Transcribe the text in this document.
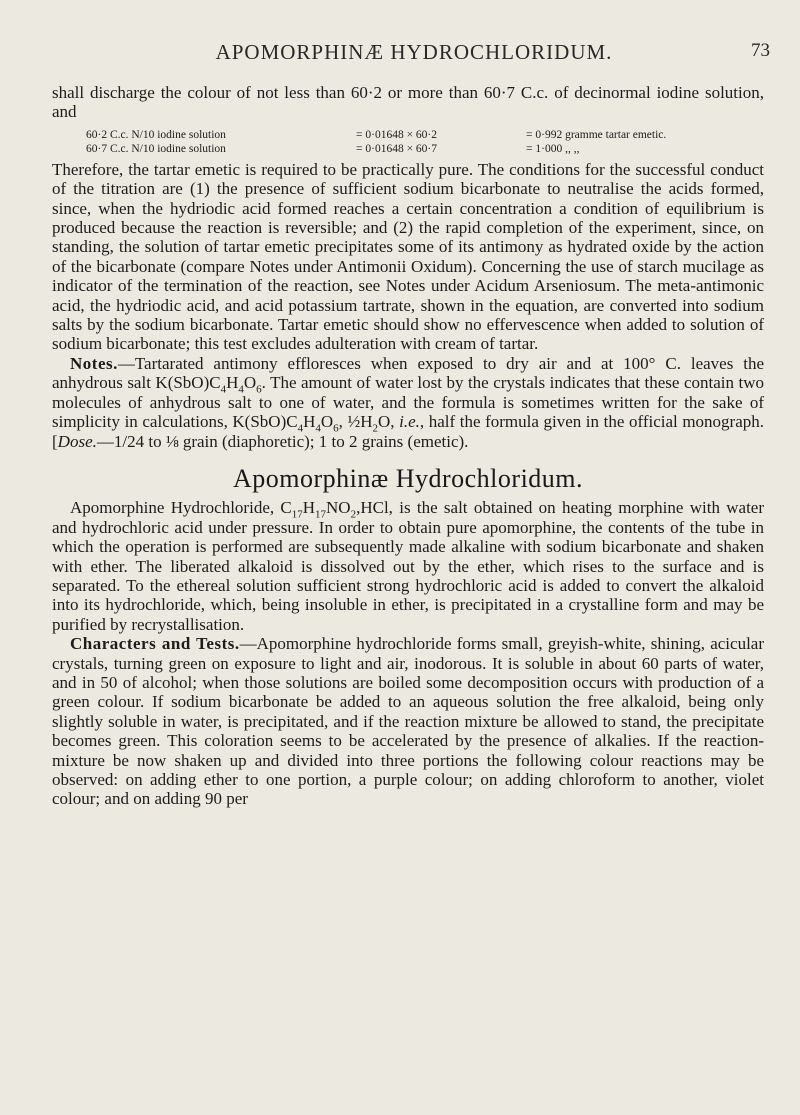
APOMORPHINÆ HYDROCHLORIDUM.	73

shall discharge the colour of not less than 60·2 or more than 60·7 C.c. of decinormal iodine solution, and

60·2 C.c. N/10 iodine solution	= 0·01648 × 60·2	= 0·992 gramme tartar emetic.
60·7 C.c. N/10 iodine solution	= 0·01648 × 60·7	= 1·000 ,, ,,

Therefore, the tartar emetic is required to be practically pure. The conditions for the successful conduct of the titration are (1) the presence of sufficient sodium bicarbonate to neutralise the acids formed, since, when the hydriodic acid formed reaches a certain concentration a condition of equilibrium is produced because the reaction is reversible; and (2) the rapid completion of the experiment, since, on standing, the solution of tartar emetic precipitates some of its antimony as hydrated oxide by the action of the bicarbonate (compare Notes under Antimonii Oxidum). Concerning the use of starch mucilage as indicator of the termination of the reaction, see Notes under Acidum Arseniosum. The meta-antimonic acid, the hydriodic acid, and acid potassium tartrate, shown in the equation, are converted into sodium salts by the sodium bicarbonate. Tartar emetic should show no effervescence when added to solution of sodium bicarbonate; this test excludes adulteration with cream of tartar.

Notes.—Tartarated antimony effloresces when exposed to dry air and at 100° C. leaves the anhydrous salt $K(SbO)C_4H_4O_6$. The amount of water lost by the crystals indicates that these contain two molecules of anhydrous salt to one of water, and the formula is sometimes written for the sake of simplicity in calculations, $K(SbO)C_4H_4O_6$, $\frac{1}{2}H_2O$, i.e., half the formula given in the official monograph. [Dose.—1/24 to ⅛ grain (diaphoretic); 1 to 2 grains (emetic).

Apomorphinæ Hydrochloridum.

Apomorphine Hydrochloride, $C_{17}H_{17}NO_2,HCl$, is the salt obtained on heating morphine with water and hydrochloric acid under pressure. In order to obtain pure apomorphine, the contents of the tube in which the operation is performed are subsequently made alkaline with sodium bicarbonate and shaken with ether. The liberated alkaloid is dissolved out by the ether, which rises to the surface and is separated. To the ethereal solution sufficient strong hydrochloric acid is added to convert the alkaloid into its hydrochloride, which, being insoluble in ether, is precipitated in a crystalline form and may be purified by recrystallisation.

Characters and Tests.—Apomorphine hydrochloride forms small, greyish-white, shining, acicular crystals, turning green on exposure to light and air, inodorous. It is soluble in about 60 parts of water, and in 50 of alcohol; when those solutions are boiled some decomposition occurs with production of a green colour. If sodium bicarbonate be added to an aqueous solution the free alkaloid, being only slightly soluble in water, is precipitated, and if the reaction mixture be allowed to stand, the precipitate becomes green. This coloration seems to be accelerated by the presence of alkalies. If the reaction-mixture be now shaken up and divided into three portions the following colour reactions may be observed: on adding ether to one portion, a purple colour; on adding chloroform to another, violet colour; and on adding 90 per
